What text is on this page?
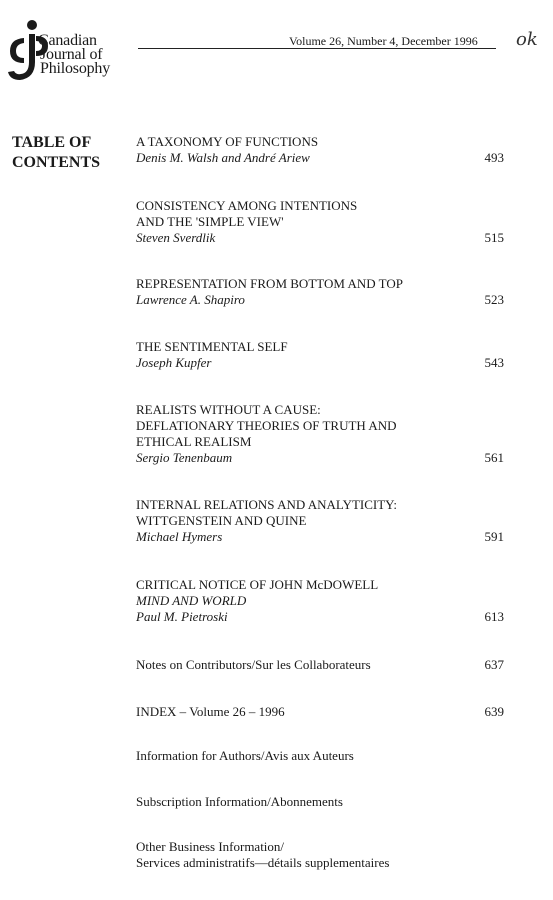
Canadian
Journal of
Philosophy
Volume 26, Number 4, December 1996 ok
TABLE OF
CONTENTS
A TAXONOMY OF FUNCTIONS
Denis M. Walsh and André Ariew	493
CONSISTENCY AMONG INTENTIONS
AND THE 'SIMPLE VIEW'
Steven Sverdlik	515
REPRESENTATION FROM BOTTOM AND TOP
Lawrence A. Shapiro	523
THE SENTIMENTAL SELF
Joseph Kupfer	543
REALISTS WITHOUT A CAUSE:
DEFLATIONARY THEORIES OF TRUTH AND
ETHICAL REALISM
Sergio Tenenbaum	561
INTERNAL RELATIONS AND ANALYTICITY:
WITTGENSTEIN AND QUINE
Michael Hymers	591
CRITICAL NOTICE OF JOHN McDOWELL
MIND AND WORLD
Paul M. Pietroski	613
Notes on Contributors/Sur les Collaborateurs	637
INDEX – Volume 26 – 1996	639
Information for Authors/Avis aux Auteurs
Subscription Information/Abonnements
Other Business Information/
Services administratifs—détails supplementaires
